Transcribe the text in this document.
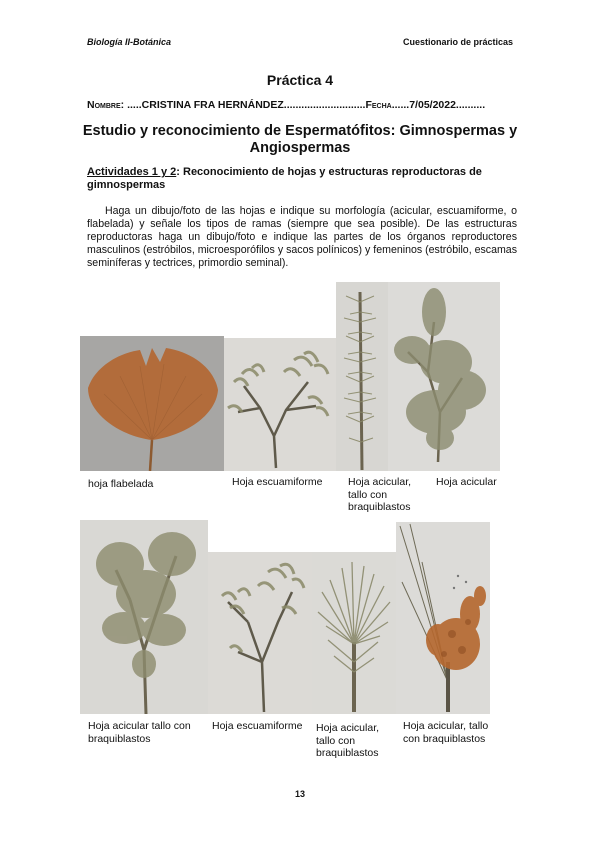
Biología II-Botánica	Cuestionario de prácticas
Práctica 4
Nombre: .....CRISTINA FRA HERNÁNDEZ............................Fecha......7/05/2022..........
Estudio y reconocimiento de Espermatófitos: Gimnospermas y Angiospermas
Actividades 1 y 2: Reconocimiento de hojas y estructuras reproductoras de gimnospermas
Haga un dibujo/foto de las hojas e indique su morfología (acicular, escuamiforme, o flabelada) y señale los tipos de ramas (siempre que sea posible). De las estructuras reproductoras haga un dibujo/foto e indique las partes de los órganos reproductores masculinos (estróbilos, microesporófilos y sacos polínicos) y femeninos (estróbilo, escamas seminíferas y tectrices, primordio seminal).
hoja flabelada	Hoja escuamiforme	Hoja acicular, tallo con braquiblastos
Hoja acicular
Hoja acicular tallo con braquiblastos
Hoja escuamiforme	Hoja acicular, tallo con braquiblastos
Hoja acicular, tallo con braquiblastos
13
